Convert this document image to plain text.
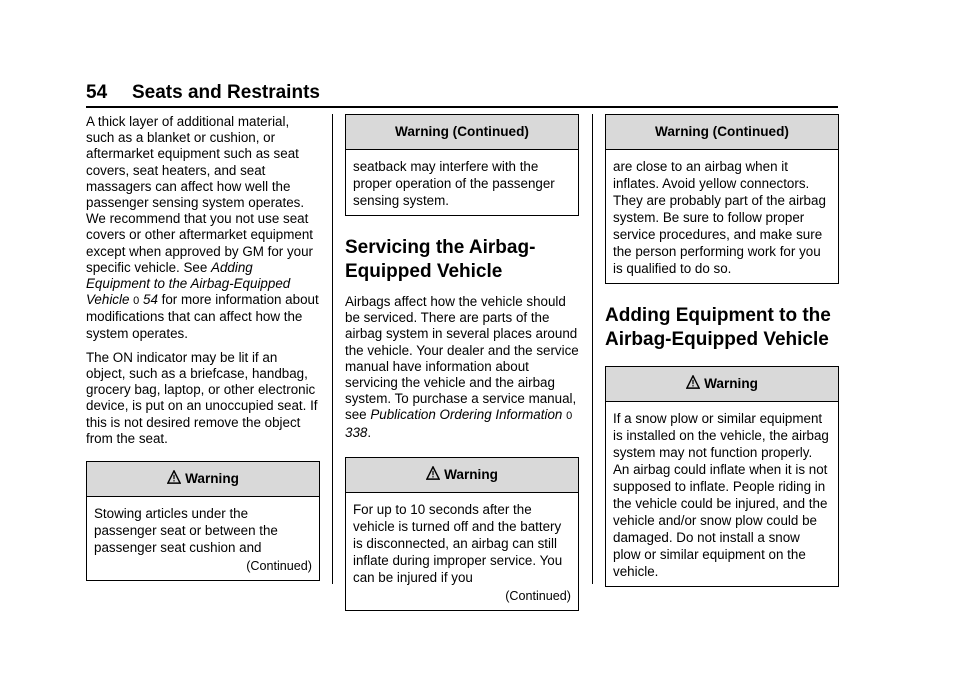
54 Seats and Restraints

A thick layer of additional material, such as a blanket or cushion, or aftermarket equipment such as seat covers, seat heaters, and seat massagers can affect how well the passenger sensing system operates. We recommend that you not use seat covers or other aftermarket equipment except when approved by GM for your specific vehicle. See Adding Equipment to the Airbag-Equipped Vehicle 0 54 for more information about modifications that can affect how the system operates.

The ON indicator may be lit if an object, such as a briefcase, handbag, grocery bag, laptop, or other electronic device, is put on an unoccupied seat. If this is not desired remove the object from the seat.

Warning
Stowing articles under the passenger seat or between the passenger seat cushion and
(Continued)
Warning (Continued)
seatback may interfere with the proper operation of the passenger sensing system.
Servicing the Airbag-Equipped Vehicle

Airbags affect how the vehicle should be serviced. There are parts of the airbag system in several places around the vehicle. Your dealer and the service manual have information about servicing the vehicle and the airbag system. To purchase a service manual, see Publication Ordering Information 0 338.

Warning
For up to 10 seconds after the vehicle is turned off and the battery is disconnected, an airbag can still inflate during improper service. You can be injured if you
(Continued)
Warning (Continued)
are close to an airbag when it inflates. Avoid yellow connectors. They are probably part of the airbag system. Be sure to follow proper service procedures, and make sure the person performing work for you is qualified to do so.
Adding Equipment to the Airbag-Equipped Vehicle
Warning
If a snow plow or similar equipment is installed on the vehicle, the airbag system may not function properly. An airbag could inflate when it is not supposed to inflate. People riding in the vehicle could be injured, and the vehicle and/or snow plow could be damaged. Do not install a snow plow or similar equipment on the vehicle.
